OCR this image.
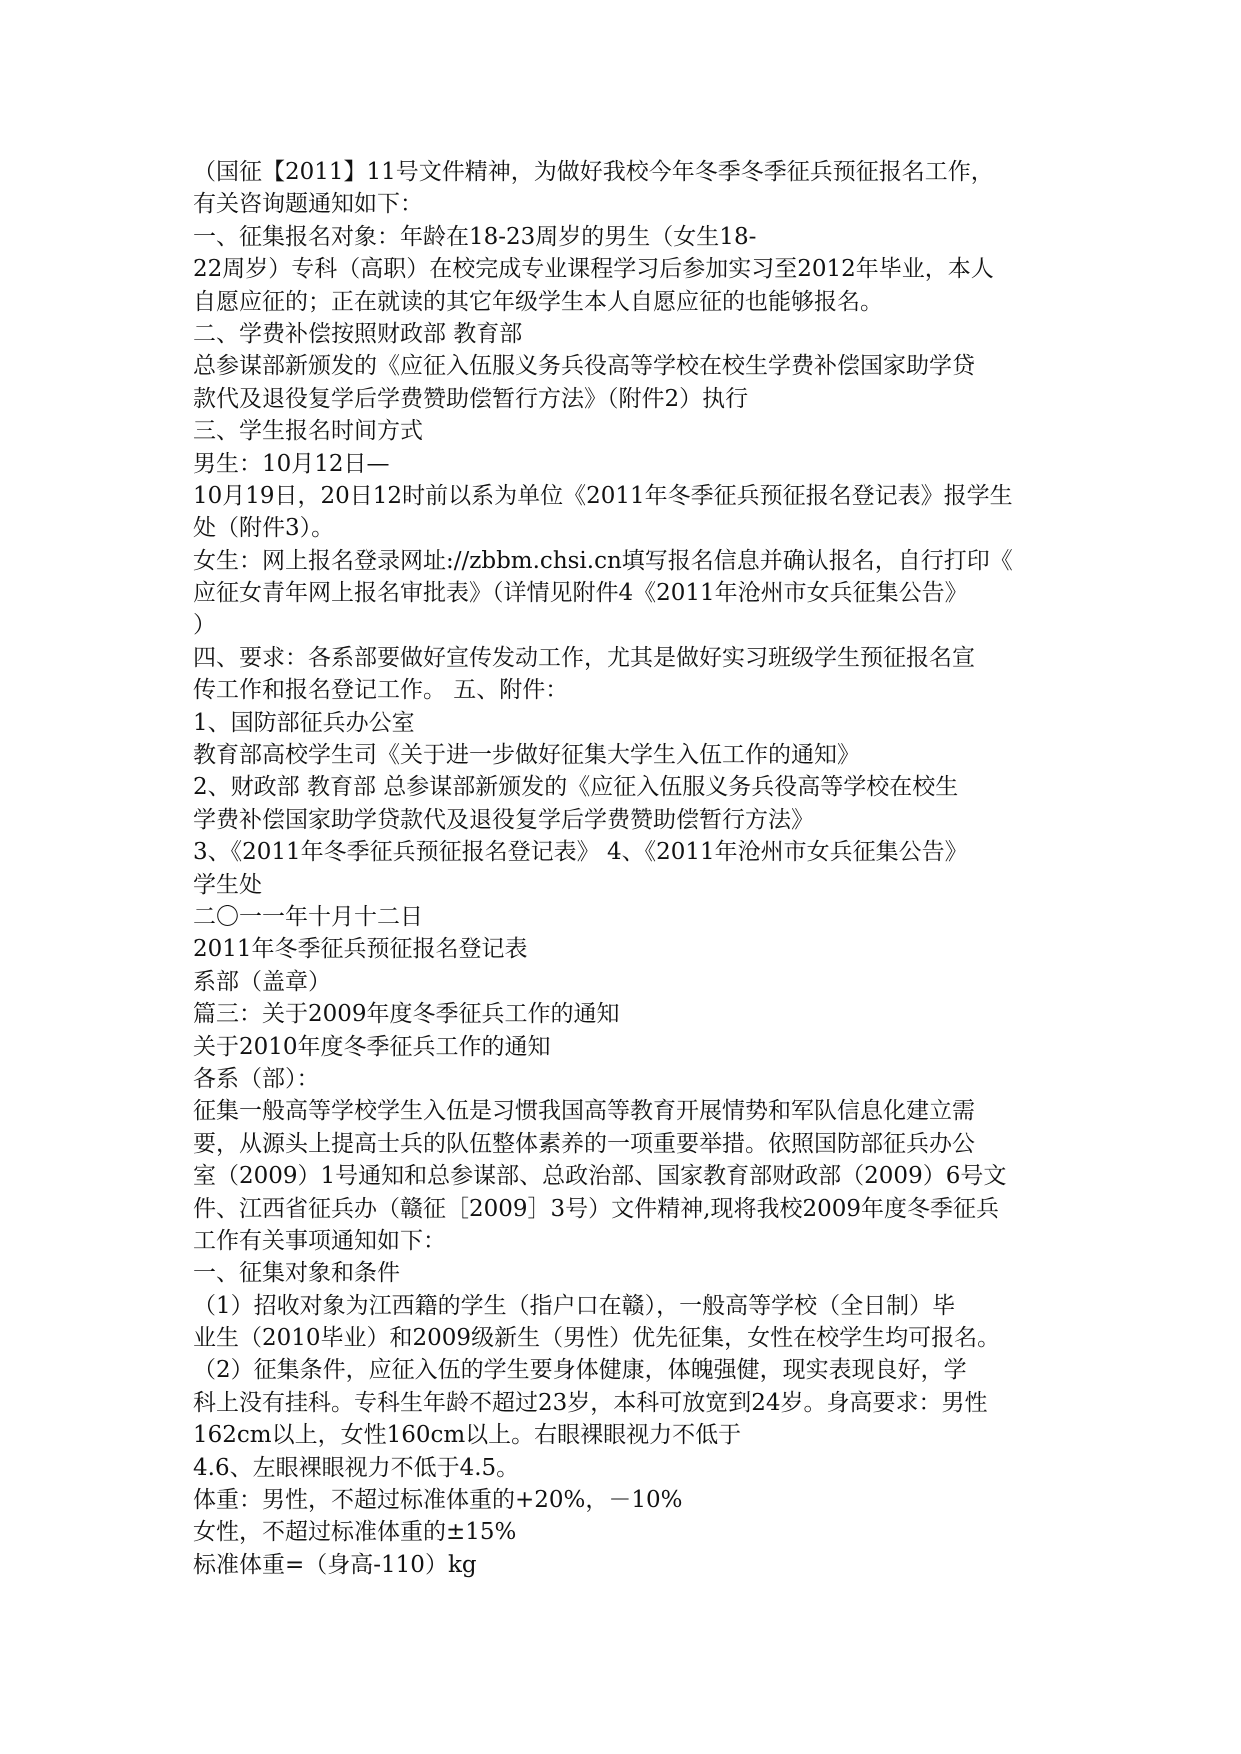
（国征【2011】11号文件精神，为做好我校今年冬季冬季征兵预征报名工作，
有关咨询题通知如下：
一、征集报名对象：年龄在18-23周岁的男生（女生18-
22周岁）专科（高职）在校完成专业课程学习后参加实习至2012年毕业，本人
自愿应征的；正在就读的其它年级学生本人自愿应征的也能够报名。
二、学费补偿按照财政部 教育部
总参谋部新颁发的《应征入伍服义务兵役高等学校在校生学费补偿国家助学贷
款代及退役复学后学费赞助偿暂行方法》（附件2）执行
三、学生报名时间方式
男生：10月12日—
10月19日，20日12时前以系为单位《2011年冬季征兵预征报名登记表》报学生
处（附件3）。
女生：网上报名登录网址://zbbm.chsi.cn填写报名信息并确认报名，自行打印《
应征女青年网上报名审批表》（详情见附件4《2011年沧州市女兵征集公告》
）
四、要求：各系部要做好宣传发动工作，尤其是做好实习班级学生预征报名宣
传工作和报名登记工作。 五、附件：
1、国防部征兵办公室
教育部高校学生司《关于进一步做好征集大学生入伍工作的通知》
2、财政部 教育部 总参谋部新颁发的《应征入伍服义务兵役高等学校在校生
学费补偿国家助学贷款代及退役复学后学费赞助偿暂行方法》
3、《2011年冬季征兵预征报名登记表》 4、《2011年沧州市女兵征集公告》
学生处
二〇一一年十月十二日
2011年冬季征兵预征报名登记表
系部（盖章）
篇三：关于2009年度冬季征兵工作的通知
关于2010年度冬季征兵工作的通知
各系（部）：
征集一般高等学校学生入伍是习惯我国高等教育开展情势和军队信息化建立需
要，从源头上提高士兵的队伍整体素养的一项重要举措。依照国防部征兵办公
室（2009）1号通知和总参谋部、总政治部、国家教育部财政部（2009）6号文
件、江西省征兵办（赣征［2009］3号）文件精神,现将我校2009年度冬季征兵
工作有关事项通知如下：
一、征集对象和条件
（1）招收对象为江西籍的学生（指户口在赣），一般高等学校（全日制）毕
业生（2010毕业）和2009级新生（男性）优先征集，女性在校学生均可报名。
（2）征集条件，应征入伍的学生要身体健康，体魄强健，现实表现良好，学
科上没有挂科。专科生年龄不超过23岁，本科可放宽到24岁。身高要求：男性
162cm以上，女性160cm以上。右眼裸眼视力不低于
4.6、左眼裸眼视力不低于4.5。
体重：男性，不超过标准体重的+20%，－10%
女性，不超过标准体重的±15%
标准体重=（身高-110）kg
